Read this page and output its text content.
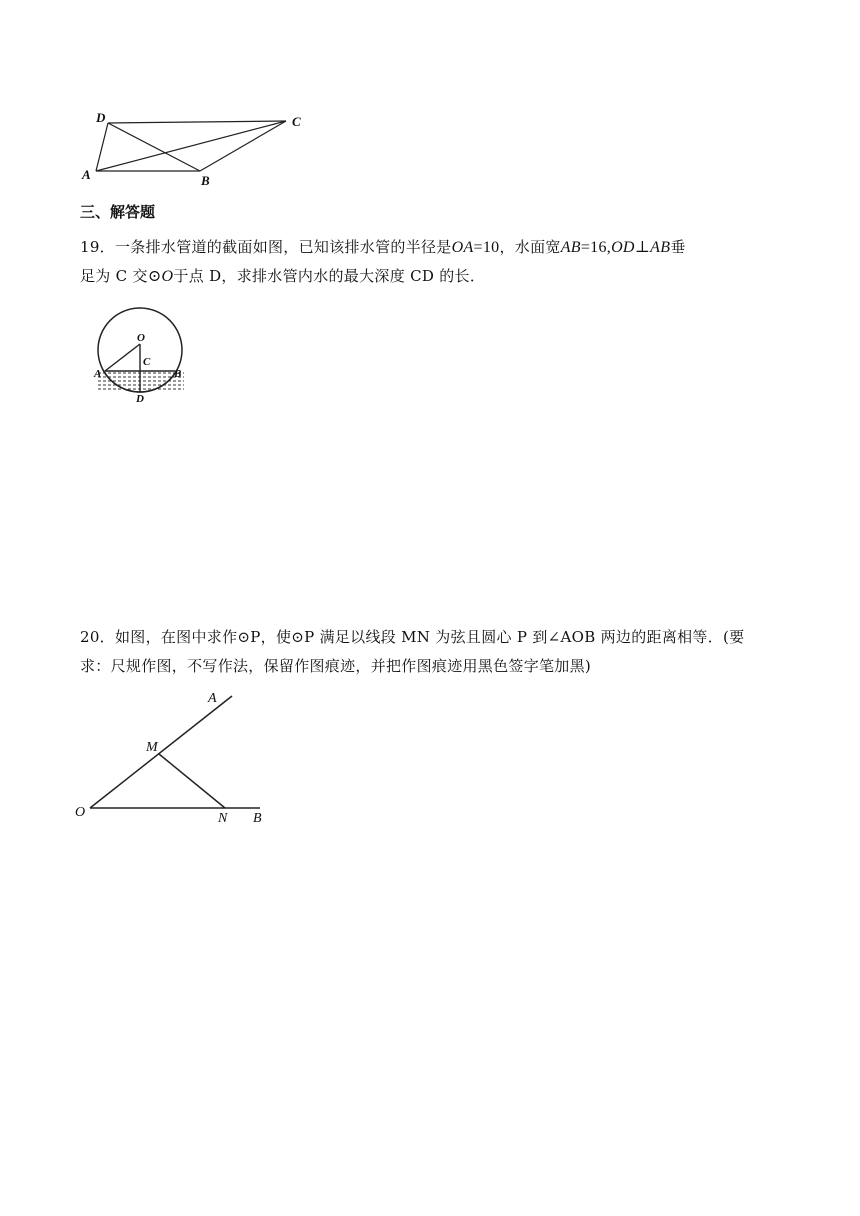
D	C
A	B
三、解答题
19．一条排水管道的截面如图，已知该排水管的半径是OA=10，水面宽AB=16,OD⊥AB垂
足为 C 交⊙O于点 D，求排水管内水的最大深度 CD 的长．
O
C
A	B
D
20．如图，在图中求作⊙P，使⊙P 满足以线段 MN 为弦且圆心 P 到∠AOB 两边的距离相等．(要
求：尺规作图，不写作法，保留作图痕迹，并把作图痕迹用黑色签字笔加黑)
A
M
O	N B
